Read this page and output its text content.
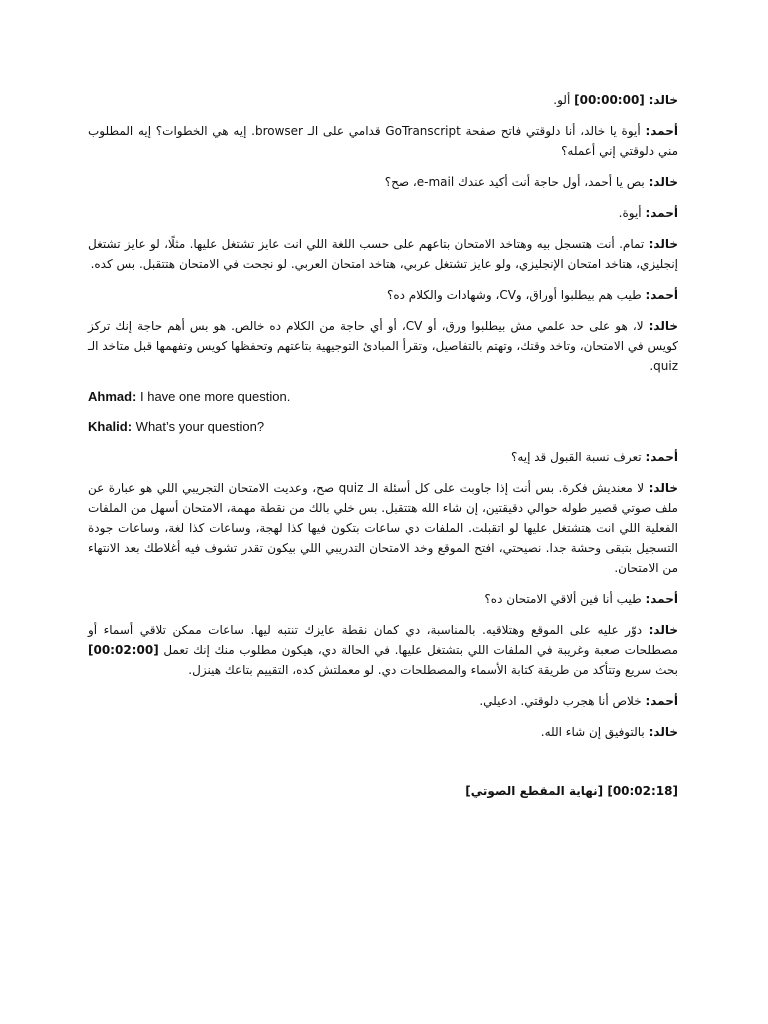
خالد: [00:00:00] ألو.

أحمد: أيوة يا خالد، أنا دلوقتي فاتح صفحة GoTranscript قدامي على الـ browser. إيه هي الخطوات؟ إيه المطلوب مني دلوقتي إني أعمله؟

خالد: بص يا أحمد، أول حاجة أنت أكيد عندك e-mail، صح؟

أحمد: أيوة.

خالد: تمام. أنت هتسجل بيه وهتاخد الامتحان بتاعهم على حسب اللغة اللي انت عايز تشتغل عليها. مثلًا، لو عايز تشتغل إنجليزي، هتاخد امتحان الإنجليزي، ولو عايز تشتغل عربي، هتاخد امتحان العربي. لو نجحت في الامتحان هتتقبل. بس كده.

أحمد: طيب هم بيطلبوا أوراق، وCV، وشهادات والكلام ده؟

خالد: لا، هو على حد علمي مش بيطلبوا ورق، أو CV، أو أي حاجة من الكلام ده خالص. هو بس أهم حاجة إنك تركز كويس في الامتحان، وتاخد وقتك، وتهتم بالتفاصيل، وتقرأ المبادئ التوجيهية بتاعتهم وتحفظها كويس وتفهمها قبل متاخد الـ quiz.

Ahmad: I have one more question.

Khalid: What’s your question?

أحمد: تعرف نسبة القبول قد إيه؟

خالد: لا معنديش فكرة. بس أنت إذا جاوبت على كل أسئلة الـ quiz صح، وعديت الامتحان التجريبي اللي هو عبارة عن ملف صوتي قصير طوله حوالي دقيقتين، إن شاء الله هتتقبل. بس خلي بالك من نقطة مهمة، الامتحان أسهل من الملفات الفعلية اللي انت هتشتغل عليها لو اتقبلت. الملفات دي ساعات بتكون فيها كذا لهجة، وساعات كذا لغة، وساعات جودة التسجيل بتبقى وحشة جدا. نصيحتي، افتح الموقع وخد الامتحان التدريبي اللي بيكون تقدر تشوف فيه أغلاطك بعد الانتهاء من الامتحان.

أحمد: طيب أنا فين ألاقي الامتحان ده؟

خالد: دوّر عليه على الموقع وهتلاقيه. بالمناسبة، دي كمان نقطة عايزك تنتبه ليها. ساعات ممكن تلاقي أسماء أو مصطلحات صعبة وغريبة في الملفات اللي بتشتغل عليها. في الحالة دي، هيكون مطلوب منك إنك تعمل [00:02:00] بحث سريع وتتأكد من طريقة كتابة الأسماء والمصطلحات دي. لو معملتش كده، التقييم بتاعك هينزل.

أحمد: خلاص أنا هجرب دلوقتي. ادعيلي.

خالد: بالتوفيق إن شاء الله.

[00:02:18] [نهاية المقطع الصوتي]
